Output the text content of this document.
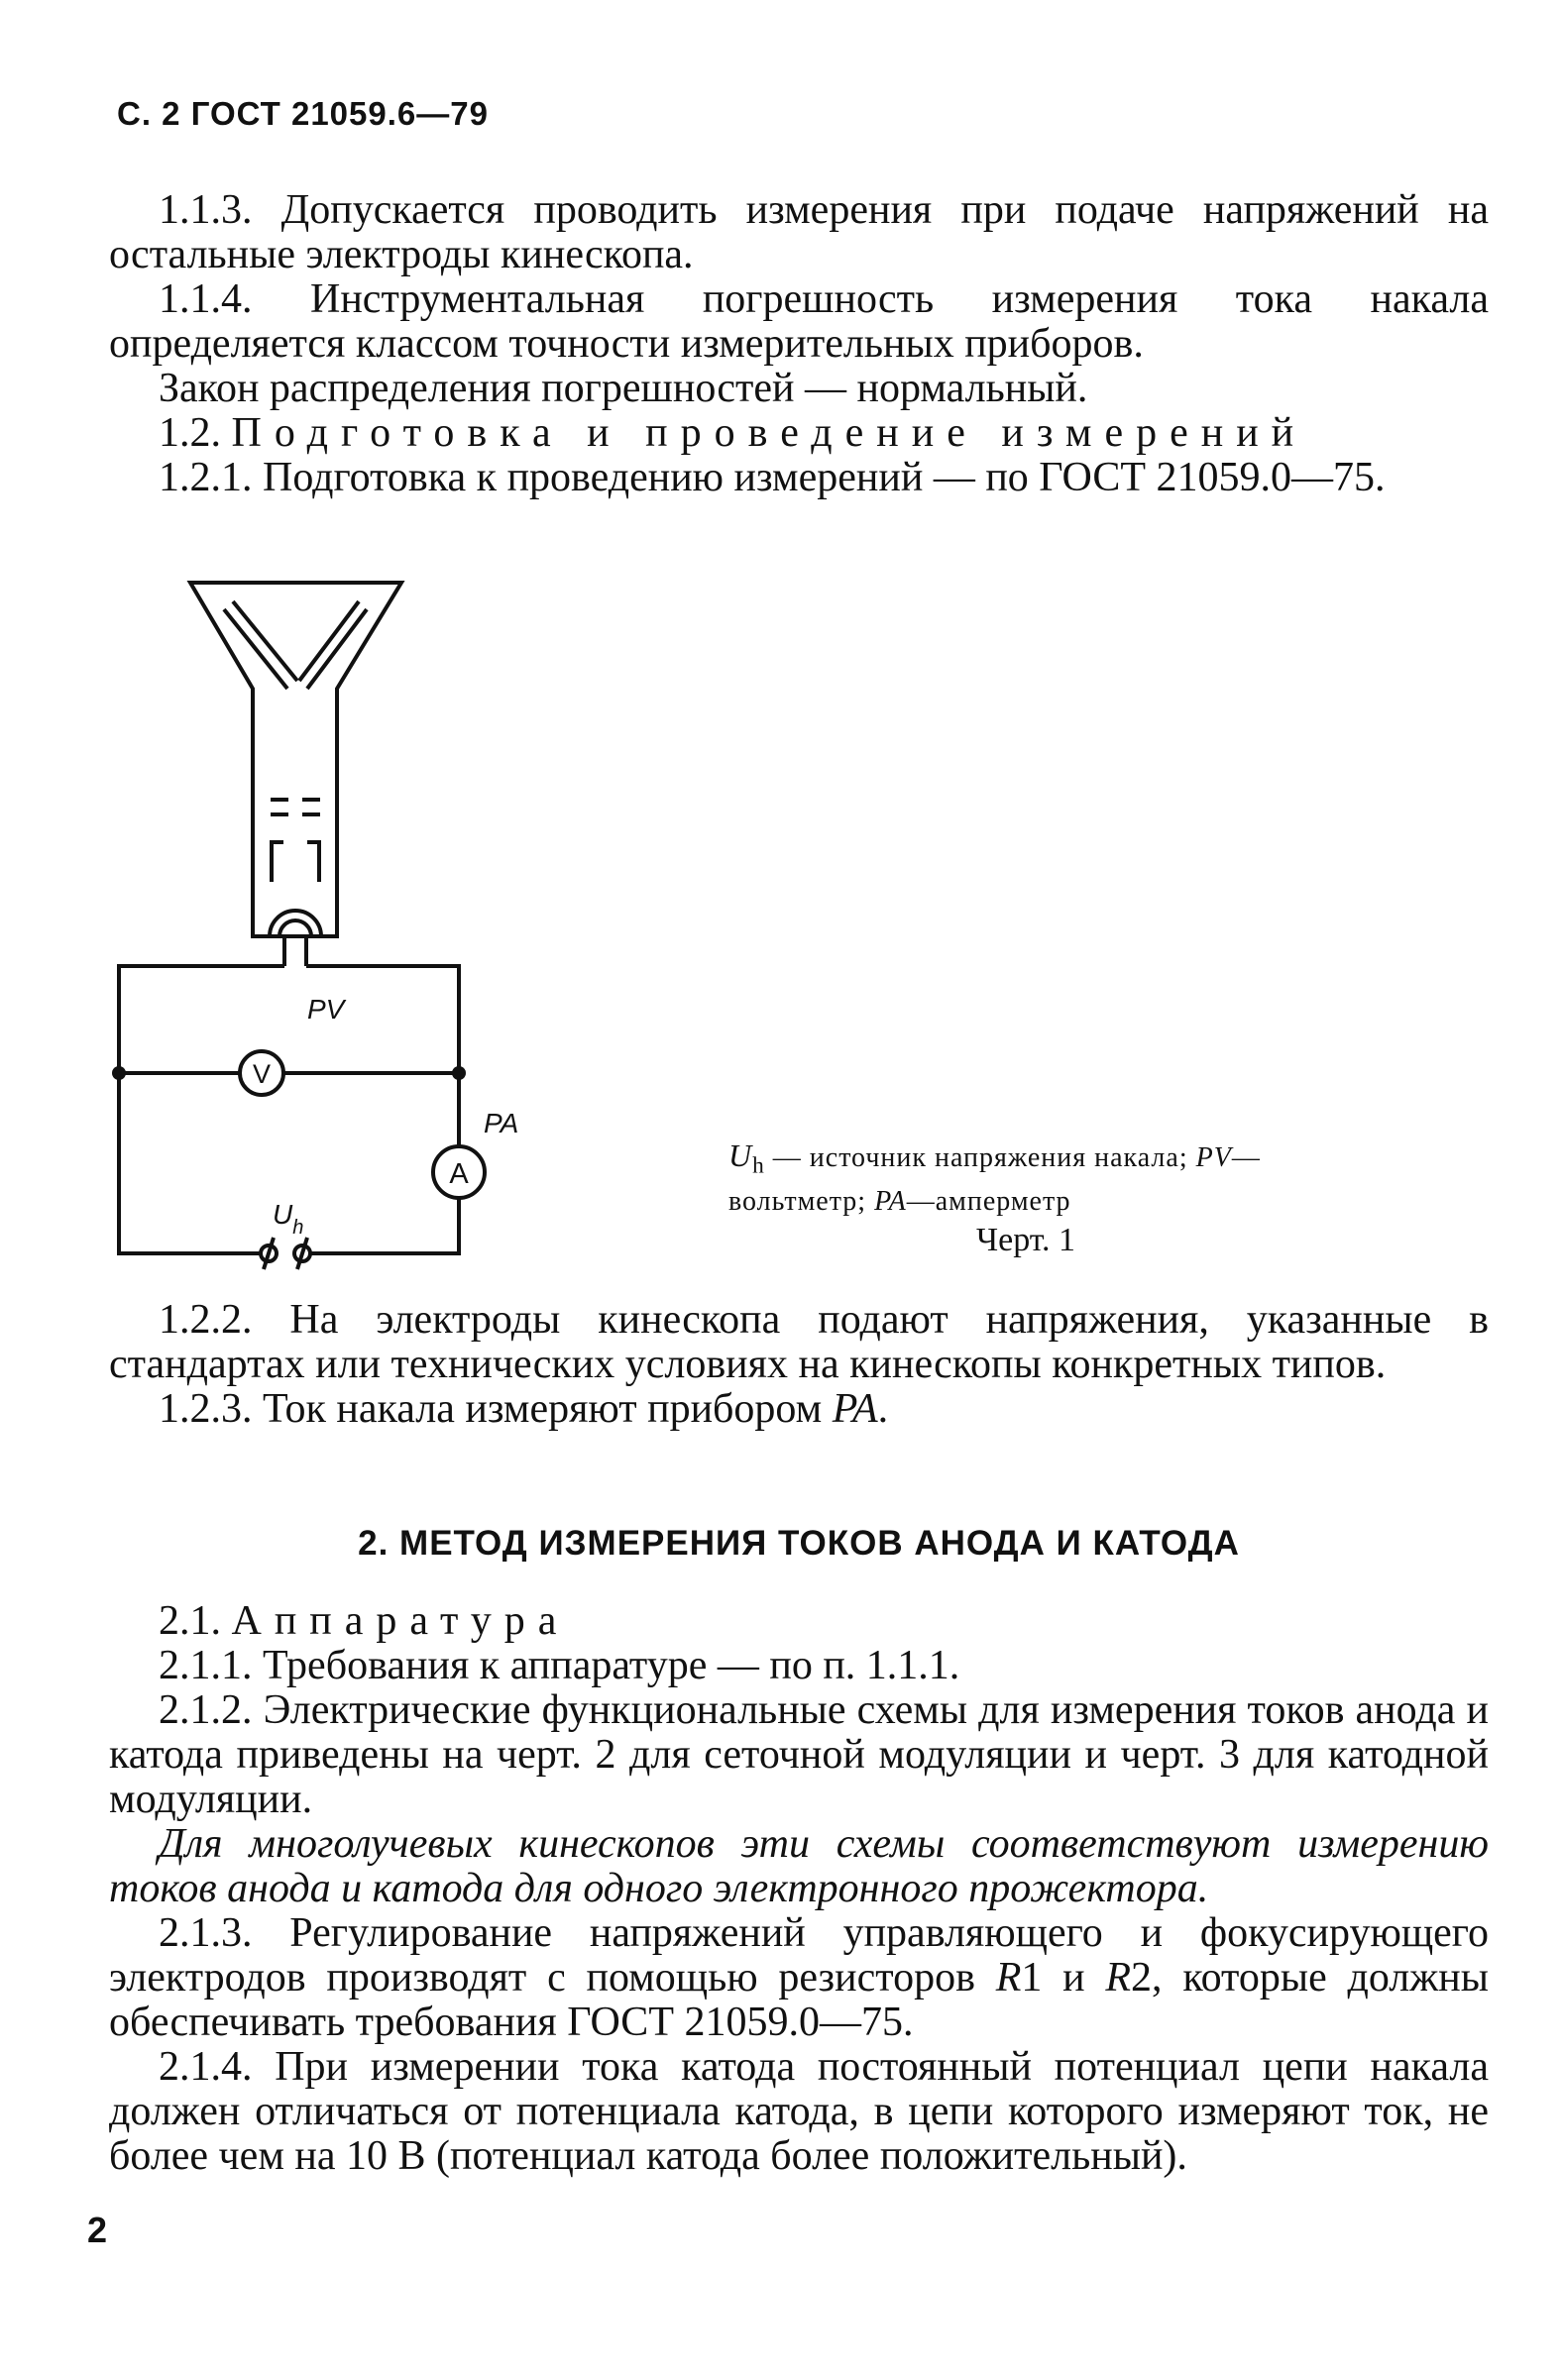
С. 2 ГОСТ 21059.6—79

1.1.3. Допускается проводить измерения при подаче напряжений на остальные электроды кинескопа.

1.1.4. Инструментальная погрешность измерения тока накала определяется классом точности измерительных приборов.

Закон распределения погрешностей — нормальный.

1.2. Подготовка и проведение измерений

1.2.1. Подготовка к проведению измерений — по ГОСТ 21059.0—75.

V
PV
A
PA
$U_h$
$U_h$ — источник напряжения накала; PV— вольтметр; PA—амперметр
Черт. 1

1.2.2. На электроды кинескопа подают напряжения, указанные в стандартах или технических условиях на кинескопы конкретных типов.

1.2.3. Ток накала измеряют прибором PA.

2. МЕТОД ИЗМЕРЕНИЯ ТОКОВ АНОДА И КАТОДА

2.1. Аппаратура

2.1.1. Требования к аппаратуре — по п. 1.1.1.

2.1.2. Электрические функциональные схемы для измерения токов анода и катода приведены на черт. 2 для сеточной модуляции и черт. 3 для катодной модуляции.

Для многолучевых кинескопов эти схемы соответствуют измерению токов анода и катода для одного электронного прожектора.

2.1.3. Регулирование напряжений управляющего и фокусирующего электродов производят с помощью резисторов R1 и R2, которые должны обеспечивать требования ГОСТ 21059.0—75.

2.1.4. При измерении тока катода постоянный потенциал цепи накала должен отличаться от потенциала катода, в цепи которого измеряют ток, не более чем на 10 В (потенциал катода более положительный).

2
